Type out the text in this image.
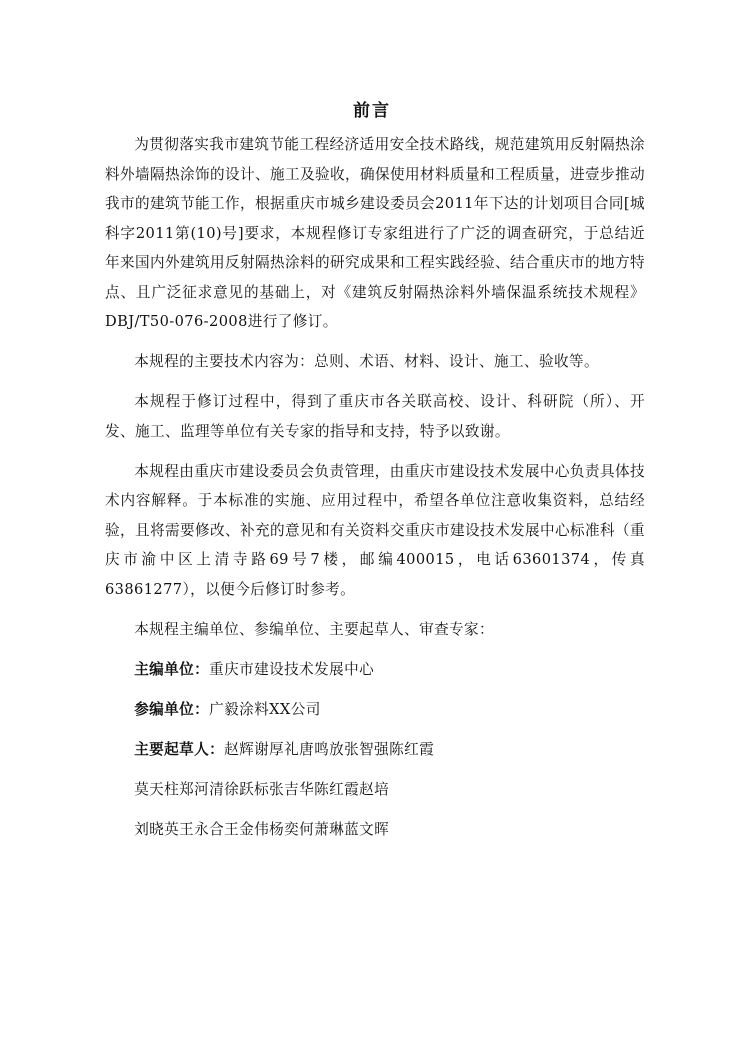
前言

为贯彻落实我市建筑节能工程经济适用安全技术路线，规范建筑用反射隔热涂料外墙隔热涂饰的设计、施工及验收，确保使用材料质量和工程质量，进壹步推动我市的建筑节能工作，根据重庆市城乡建设委员会2011年下达的计划项目合同[城科字2011第(10)号]要求，本规程修订专家组进行了广泛的调查研究，于总结近年来国内外建筑用反射隔热涂料的研究成果和工程实践经验、结合重庆市的地方特点、且广泛征求意见的基础上，对《建筑反射隔热涂料外墙保温系统技术规程》DBJ/T50-076-2008进行了修订。

本规程的主要技术内容为：总则、术语、材料、设计、施工、验收等。

本规程于修订过程中，得到了重庆市各关联高校、设计、科研院（所）、开发、施工、监理等单位有关专家的指导和支持，特予以致谢。

本规程由重庆市建设委员会负责管理，由重庆市建设技术发展中心负责具体技术内容解释。于本标准的实施、应用过程中，希望各单位注意收集资料，总结经验，且将需要修改、补充的意见和有关资料交重庆市建设技术发展中心标准科（重庆市渝中区上清寺路69号7楼，邮编400015，电话63601374，传真63861277），以便今后修订时参考。

本规程主编单位、参编单位、主要起草人、审查专家：

主编单位：重庆市建设技术发展中心

参编单位：广毅涂料XX公司

主要起草人：赵辉谢厚礼唐鸣放张智强陈红霞

莫天柱郑河清徐跃标张吉华陈红霞赵培

刘晓英王永合王金伟杨奕何萧琳蓝文晖
